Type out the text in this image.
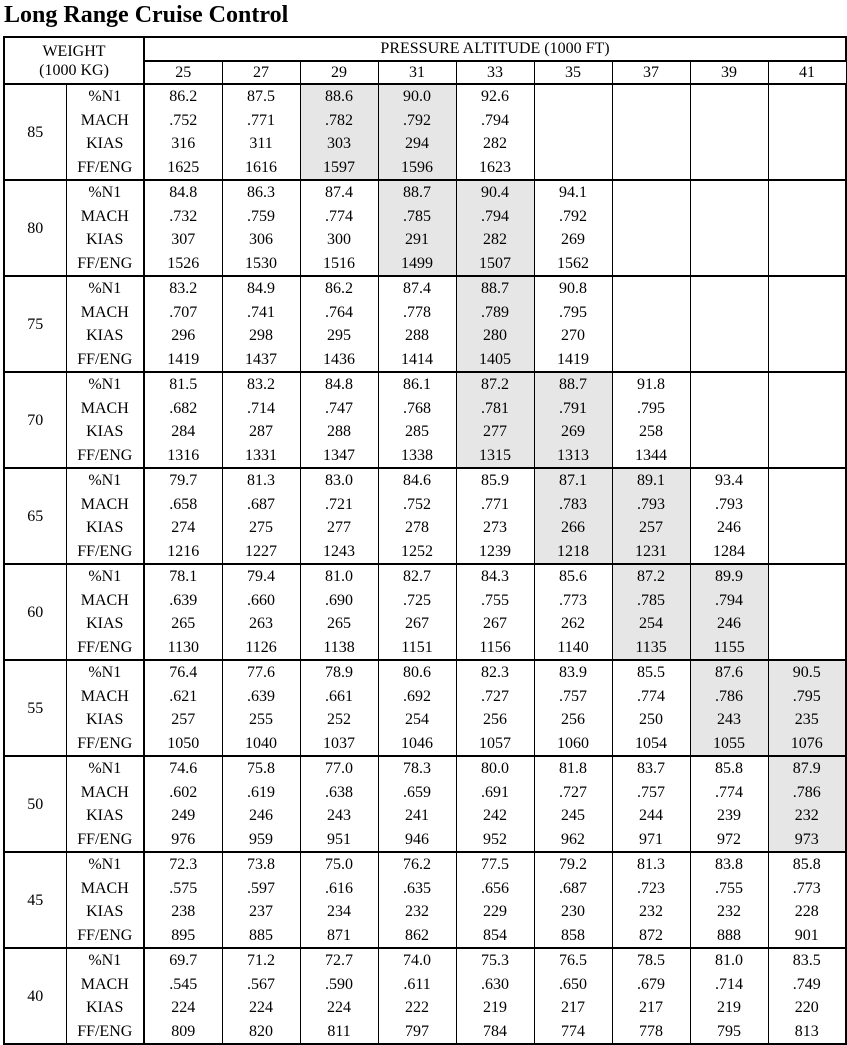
Long Range Cruise Control
WEIGHT
(1000 KG)		PRESSURE ALTITUDE (1000 FT)								
		25	27	29	31	33	35	37	39	41
85	%N1	86.2	87.5	88.6	90.0	92.6				
	MACH	.752	.771	.782	.792	.794				
	KIAS	316	311	303	294	282				
	FF/ENG	1625	1616	1597	1596	1623				
80	%N1	84.8	86.3	87.4	88.7	90.4	94.1			
	MACH	.732	.759	.774	.785	.794	.792			
	KIAS	307	306	300	291	282	269			
	FF/ENG	1526	1530	1516	1499	1507	1562			
75	%N1	83.2	84.9	86.2	87.4	88.7	90.8			
	MACH	.707	.741	.764	.778	.789	.795			
	KIAS	296	298	295	288	280	270			
	FF/ENG	1419	1437	1436	1414	1405	1419			
70	%N1	81.5	83.2	84.8	86.1	87.2	88.7	91.8		
	MACH	.682	.714	.747	.768	.781	.791	.795		
	KIAS	284	287	288	285	277	269	258		
	FF/ENG	1316	1331	1347	1338	1315	1313	1344		
65	%N1	79.7	81.3	83.0	84.6	85.9	87.1	89.1	93.4	
	MACH	.658	.687	.721	.752	.771	.783	.793	.793	
	KIAS	274	275	277	278	273	266	257	246	
	FF/ENG	1216	1227	1243	1252	1239	1218	1231	1284	
60	%N1	78.1	79.4	81.0	82.7	84.3	85.6	87.2	89.9	
	MACH	.639	.660	.690	.725	.755	.773	.785	.794	
	KIAS	265	263	265	267	267	262	254	246	
	FF/ENG	1130	1126	1138	1151	1156	1140	1135	1155	
55	%N1	76.4	77.6	78.9	80.6	82.3	83.9	85.5	87.6	90.5
	MACH	.621	.639	.661	.692	.727	.757	.774	.786	.795
	KIAS	257	255	252	254	256	256	250	243	235
	FF/ENG	1050	1040	1037	1046	1057	1060	1054	1055	1076
50	%N1	74.6	75.8	77.0	78.3	80.0	81.8	83.7	85.8	87.9
	MACH	.602	.619	.638	.659	.691	.727	.757	.774	.786
	KIAS	249	246	243	241	242	245	244	239	232
	FF/ENG	976	959	951	946	952	962	971	972	973
45	%N1	72.3	73.8	75.0	76.2	77.5	79.2	81.3	83.8	85.8
	MACH	.575	.597	.616	.635	.656	.687	.723	.755	.773
	KIAS	238	237	234	232	229	230	232	232	228
	FF/ENG	895	885	871	862	854	858	872	888	901
40	%N1	69.7	71.2	72.7	74.0	75.3	76.5	78.5	81.0	83.5
	MACH	.545	.567	.590	.611	.630	.650	.679	.714	.749
	KIAS	224	224	224	222	219	217	217	219	220
	FF/ENG	809	820	811	797	784	774	778	795	813
